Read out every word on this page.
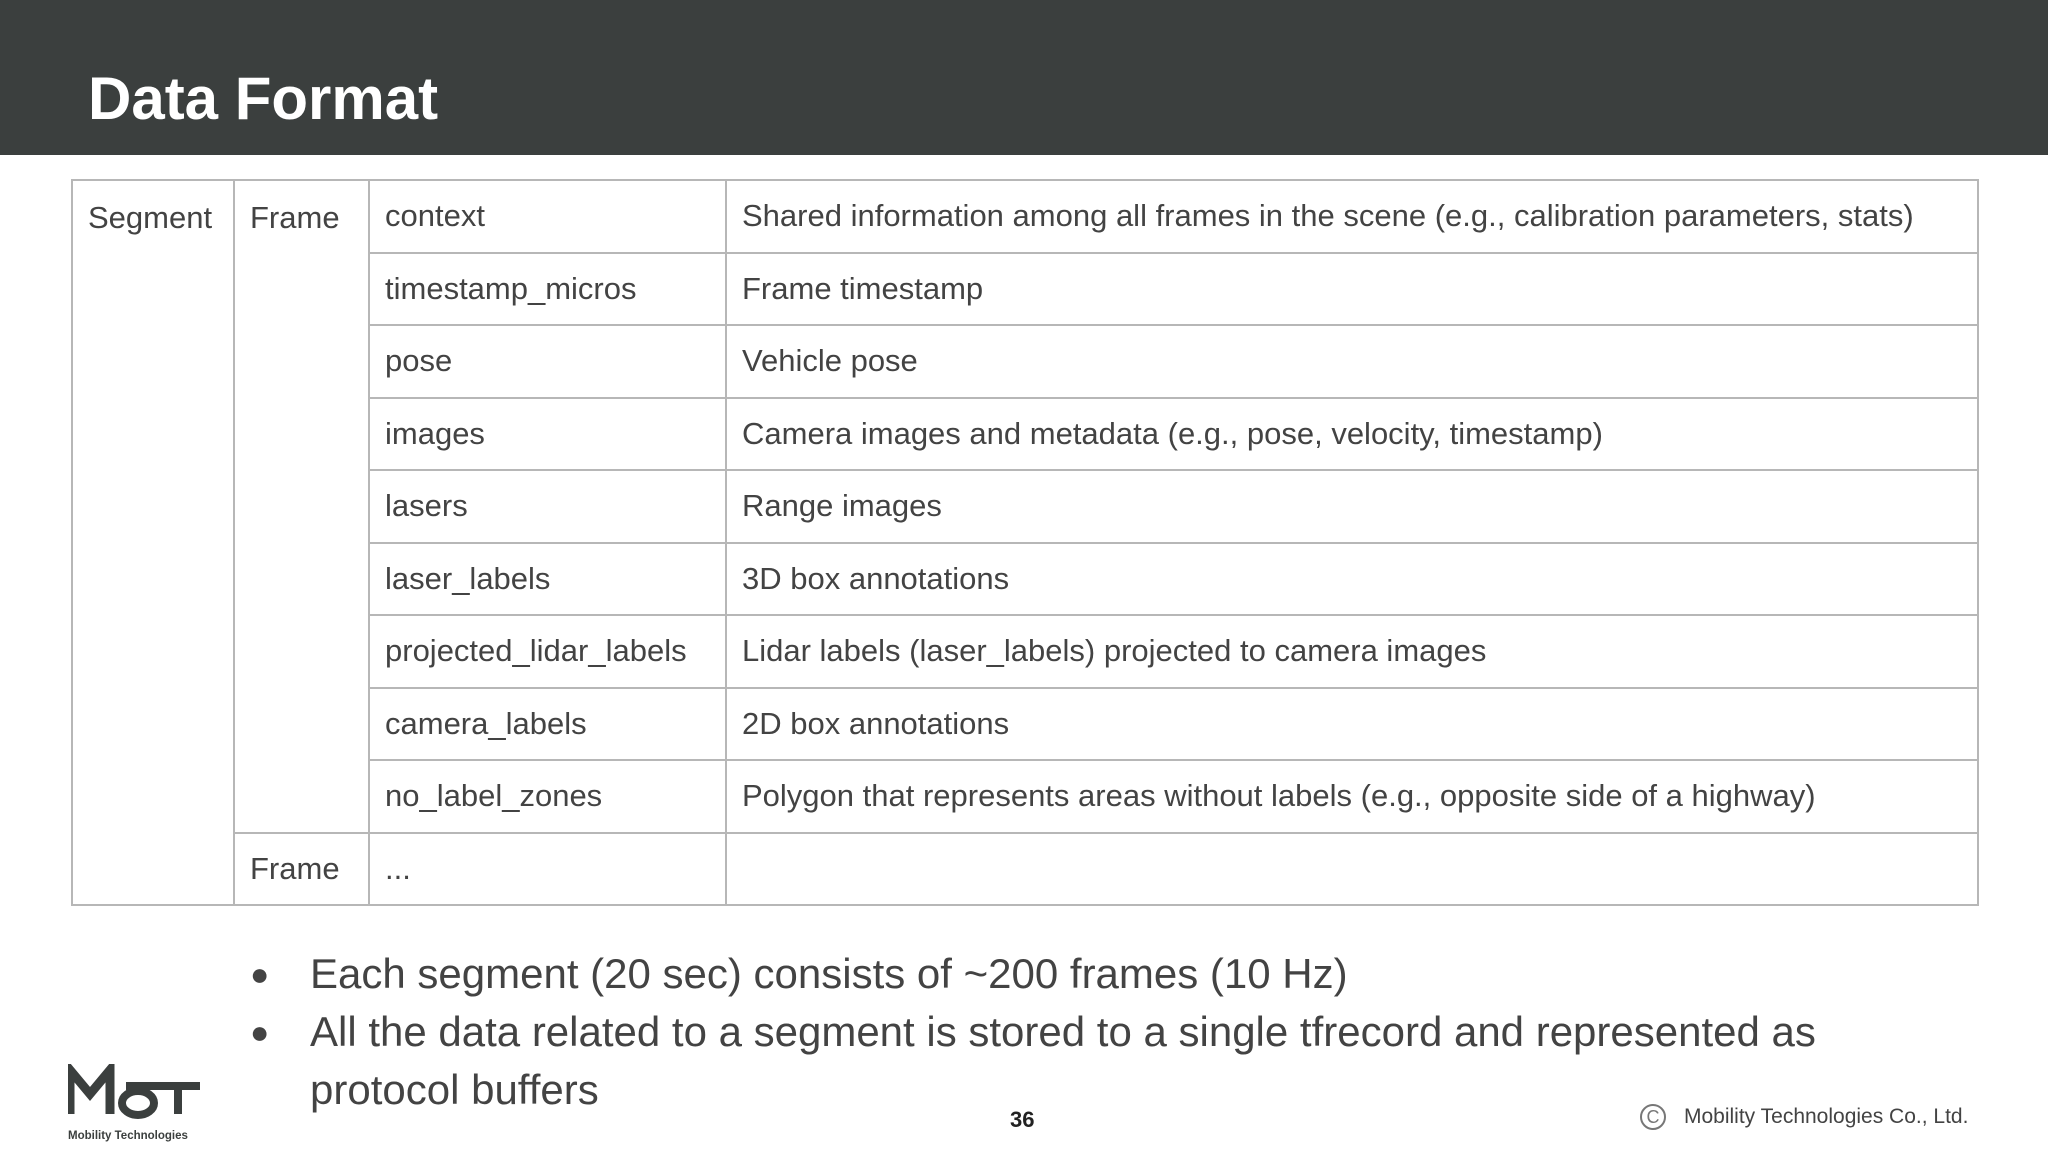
Data Format
Segment	Frame	context	Shared information among all frames in the scene (e.g., calibration parameters, stats)
		timestamp_micros	Frame timestamp
		pose	Vehicle pose
		images	Camera images and metadata (e.g., pose, velocity, timestamp)
		lasers	Range images
		laser_labels	3D box annotations
		projected_lidar_labels	Lidar labels (laser_labels) projected to camera images
		camera_labels	2D box annotations
		no_label_zones	Polygon that represents areas without labels (e.g., opposite side of a highway)
	Frame	...	
● Each segment (20 sec) consists of ~200 frames (10 Hz)
● All the data related to a segment is stored to a single tfrecord and represented as protocol buffers
Mobility Technologies
36	C	Mobility Technologies Co., Ltd.
